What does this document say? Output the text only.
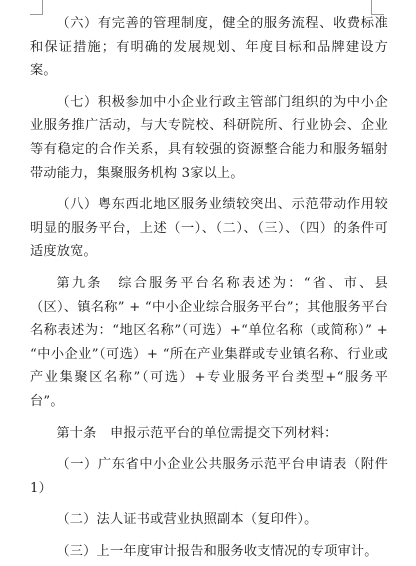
（六）有完善的管理制度，健全的服务流程、收费标准和保证措施；有明确的发展规划、年度目标和品牌建设方案。

（七）积极参加中小企业行政主管部门组织的为中小企业服务推广活动，与大专院校、科研院所、行业协会、企业等有稳定的合作关系，具有较强的资源整合能力和服务辐射带动能力，集聚服务机构 3家以上。

（八）粤东西北地区服务业绩较突出、示范带动作用较明显的服务平台，上述（一）、（二）、（三）、（四）的条件可适度放宽。

第九条　综合服务平台名称表述为：“省、市、县（区）、镇名称” + “中小企业综合服务平台”；其他服务平台名称表述为：“地区名称”（可选）+“单位名称（或简称）” + “中小企业”（可选）+ “所在产业集群或专业镇名称、行业或产业集聚区名称”（可选）+专业服务平台类型+“服务平台”。

第十条　申报示范平台的单位需提交下列材料：

（一）广东省中小企业公共服务示范平台申请表（附件1）

（二）法人证书或营业执照副本（复印件）。

（三）上一年度审计报告和服务收支情况的专项审计。
